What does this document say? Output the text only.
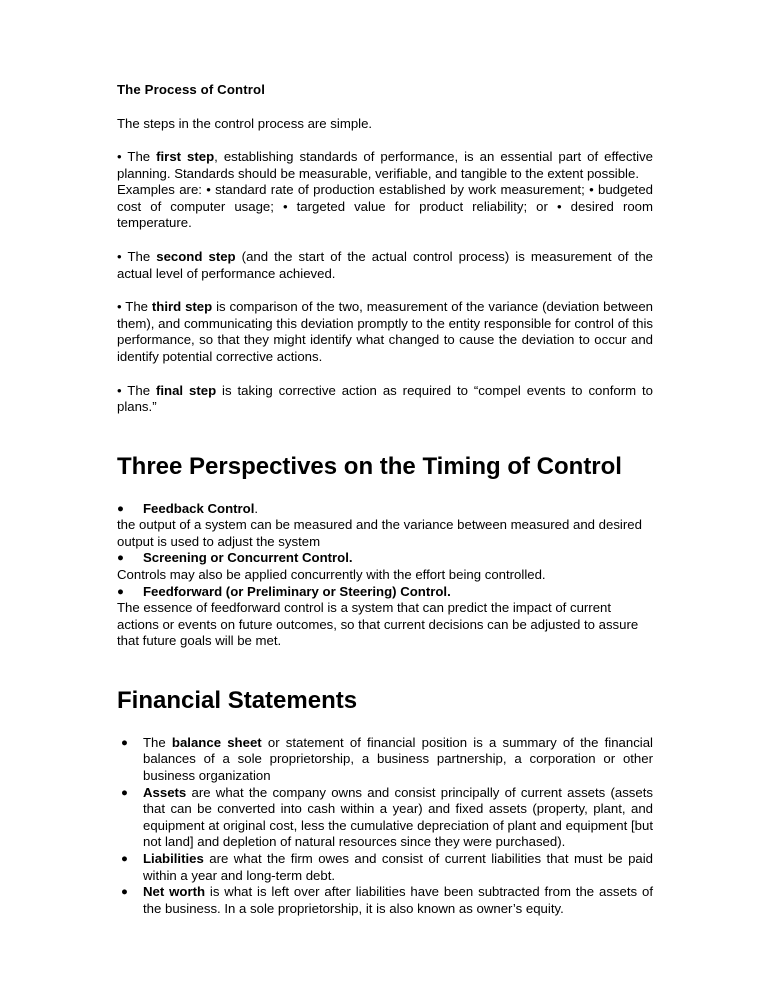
The Process of Control

The steps in the control process are simple.

• The first step, establishing standards of performance, is an essential part of effective planning. Standards should be measurable, verifiable, and tangible to the extent possible.

Examples are: • standard rate of production established by work measurement; • budgeted cost of computer usage; • targeted value for product reliability; or • desired room temperature.

• The second step (and the start of the actual control process) is measurement of the actual level of performance achieved.

• The third step is comparison of the two, measurement of the variance (deviation between them), and communicating this deviation promptly to the entity responsible for control of this performance, so that they might identify what changed to cause the deviation to occur and identify potential corrective actions.

• The final step is taking corrective action as required to “compel events to conform to plans.”

Three Perspectives on the Timing of Control
●Feedback Control.
the output of a system can be measured and the variance between measured and desired output is used to adjust the system
●Screening or Concurrent Control.
Controls may also be applied concurrently with the effort being controlled.
●Feedforward (or Preliminary or Steering) Control.
The essence of feedforward control is a system that can predict the impact of current actions or events on future outcomes, so that current decisions can be adjusted to assure that future goals will be met.
Financial Statements
●
The balance sheet or statement of financial position is a summary of the financial balances of a sole proprietorship, a business partnership, a corporation or other business organization
●
Assets are what the company owns and consist principally of current assets (assets that can be converted into cash within a year) and fixed assets (property, plant, and equipment at original cost, less the cumulative depreciation of plant and equipment [but not land] and depletion of natural resources since they were purchased).
●
Liabilities are what the firm owes and consist of current liabilities that must be paid within a year and long-term debt.
●
Net worth is what is left over after liabilities have been subtracted from the assets of the business. In a sole proprietorship, it is also known as owner’s equity.
